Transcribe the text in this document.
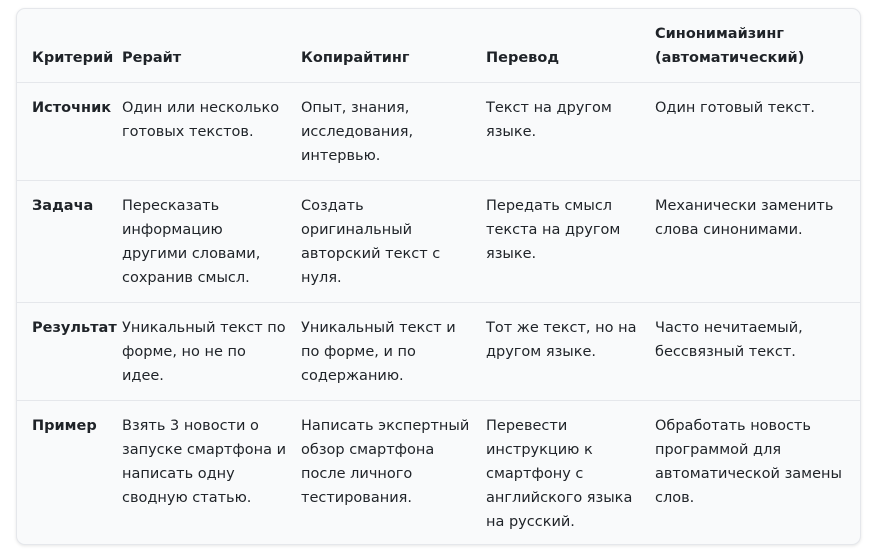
Критерий	Рерайт	Копирайтинг	Перевод	Синонимайзинг (автоматический)

Источник	Один или несколько готовых текстов.	Опыт, знания, исследования, интервью.	Текст на другом языке.	Один готовый текст.

Задача	Пересказать информацию другими словами, сохранив смысл.	Создать оригинальный авторский текст с нуля.	Передать смысл текста на другом языке.	Механически заменить слова синонимами.

Результат	Уникальный текст по форме, но не по идее.	Уникальный текст и по форме, и по содержанию.	Тот же текст, но на другом языке.	Часто нечитаемый, бессвязный текст.

Пример	Взять 3 новости о запуске смартфона и написать одну сводную статью.	Написать экспертный обзор смартфона после личного тестирования.	Перевести инструкцию к смартфону с английского языка на русский.	Обработать новость программой для автоматической замены слов.
